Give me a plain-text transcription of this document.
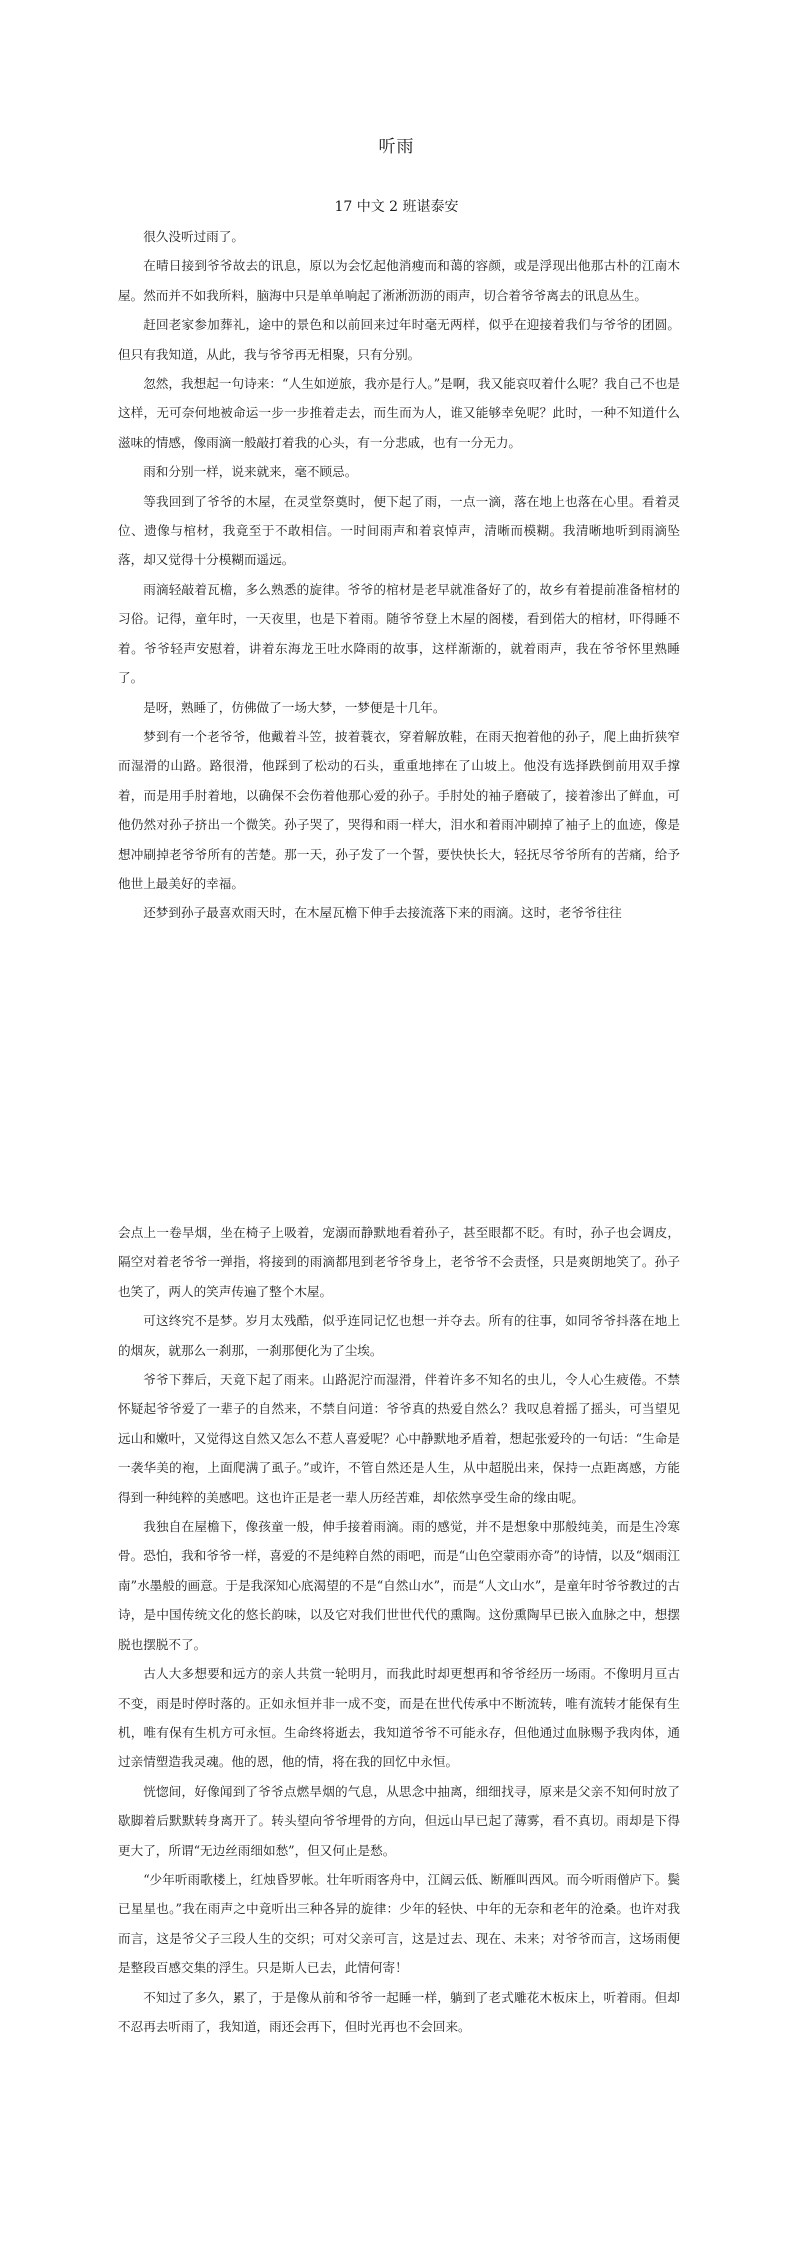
听雨
17 中文 2 班谌泰安

很久没听过雨了。

在晴日接到爷爷故去的讯息，原以为会忆起他消瘦而和蔼的容颜，或是浮现出他那古朴的江南木屋。然而并不如我所料，脑海中只是单单响起了淅淅沥沥的雨声，切合着爷爷离去的讯息丛生。

赶回老家参加葬礼，途中的景色和以前回来过年时毫无两样，似乎在迎接着我们与爷爷的团圆。但只有我知道，从此，我与爷爷再无相聚，只有分别。

忽然，我想起一句诗来：“人生如逆旅，我亦是行人。”是啊，我又能哀叹着什么呢？我自己不也是这样，无可奈何地被命运一步一步推着走去，而生而为人，谁又能够幸免呢？此时，一种不知道什么滋味的情感，像雨滴一般敲打着我的心头，有一分悲戚，也有一分无力。

雨和分别一样，说来就来，毫不顾忌。

等我回到了爷爷的木屋，在灵堂祭奠时，便下起了雨，一点一滴，落在地上也落在心里。看着灵位、遗像与棺材，我竟至于不敢相信。一时间雨声和着哀悼声，清晰而模糊。我清晰地听到雨滴坠落，却又觉得十分模糊而遥远。

雨滴轻敲着瓦檐，多么熟悉的旋律。爷爷的棺材是老早就准备好了的，故乡有着提前准备棺材的习俗。记得，童年时，一天夜里，也是下着雨。随爷爷登上木屋的阁楼，看到偌大的棺材，吓得睡不着。爷爷轻声安慰着，讲着东海龙王吐水降雨的故事，这样渐渐的，就着雨声，我在爷爷怀里熟睡了。

是呀，熟睡了，仿佛做了一场大梦，一梦便是十几年。

梦到有一个老爷爷，他戴着斗笠，披着蓑衣，穿着解放鞋，在雨天抱着他的孙子，爬上曲折狭窄而湿滑的山路。路很滑，他踩到了松动的石头，重重地摔在了山坡上。他没有选择跌倒前用双手撑着，而是用手肘着地，以确保不会伤着他那心爱的孙子。手肘处的袖子磨破了，接着渗出了鲜血，可他仍然对孙子挤出一个微笑。孙子哭了，哭得和雨一样大，泪水和着雨冲刷掉了袖子上的血迹，像是想冲刷掉老爷爷所有的苦楚。那一天，孙子发了一个誓，要快快长大，轻抚尽爷爷所有的苦痛，给予他世上最美好的幸福。

还梦到孙子最喜欢雨天时，在木屋瓦檐下伸手去接流落下来的雨滴。这时，老爷爷往往

会点上一卷旱烟，坐在椅子上吸着，宠溺而静默地看着孙子，甚至眼都不眨。有时，孙子也会调皮，隔空对着老爷爷一弹指，将接到的雨滴都甩到老爷爷身上，老爷爷不会责怪，只是爽朗地笑了。孙子也笑了，两人的笑声传遍了整个木屋。

可这终究不是梦。岁月太残酷，似乎连同记忆也想一并夺去。所有的往事，如同爷爷抖落在地上的烟灰，就那么一刹那，一刹那便化为了尘埃。

爷爷下葬后，天竟下起了雨来。山路泥泞而湿滑，伴着许多不知名的虫儿，令人心生疲倦。不禁怀疑起爷爷爱了一辈子的自然来，不禁自问道：爷爷真的热爱自然么？我叹息着摇了摇头，可当望见远山和嫩叶，又觉得这自然又怎么不惹人喜爱呢？心中静默地矛盾着，想起张爱玲的一句话：“生命是一袭华美的袍，上面爬满了虱子。”或许，不管自然还是人生，从中超脱出来，保持一点距离感，方能得到一种纯粹的美感吧。这也许正是老一辈人历经苦难，却依然享受生命的缘由呢。

我独自在屋檐下，像孩童一般，伸手接着雨滴。雨的感觉，并不是想象中那般纯美，而是生冷寒骨。恐怕，我和爷爷一样，喜爱的不是纯粹自然的雨吧，而是“山色空蒙雨亦奇”的诗情，以及“烟雨江南”水墨般的画意。于是我深知心底渴望的不是“自然山水”，而是“人文山水”，是童年时爷爷教过的古诗，是中国传统文化的悠长韵味，以及它对我们世世代代的熏陶。这份熏陶早已嵌入血脉之中，想摆脱也摆脱不了。

古人大多想要和远方的亲人共赏一轮明月，而我此时却更想再和爷爷经历一场雨。不像明月亘古不变，雨是时停时落的。正如永恒并非一成不变，而是在世代传承中不断流转，唯有流转才能保有生机，唯有保有生机方可永恒。生命终将逝去，我知道爷爷不可能永存，但他通过血脉赐予我肉体，通过亲情塑造我灵魂。他的恩，他的情，将在我的回忆中永恒。

恍惚间，好像闻到了爷爷点燃旱烟的气息，从思念中抽离，细细找寻，原来是父亲不知何时放了歇脚着后默默转身离开了。转头望向爷爷埋骨的方向，但远山早已起了薄雾，看不真切。雨却是下得更大了，所谓“无边丝雨细如愁”，但又何止是愁。

“少年听雨歌楼上，红烛昏罗帐。壮年听雨客舟中，江阔云低、断雁叫西风。而今听雨僧庐下。鬓已星星也。”我在雨声之中竟听出三种各异的旋律：少年的轻快、中年的无奈和老年的沧桑。也许对我而言，这是爷父子三段人生的交织；可对父亲可言，这是过去、现在、未来；对爷爷而言，这场雨便是整段百感交集的浮生。只是斯人已去，此情何寄！

不知过了多久，累了，于是像从前和爷爷一起睡一样，躺到了老式雕花木板床上，听着雨。但却不忍再去听雨了，我知道，雨还会再下，但时光再也不会回来。
